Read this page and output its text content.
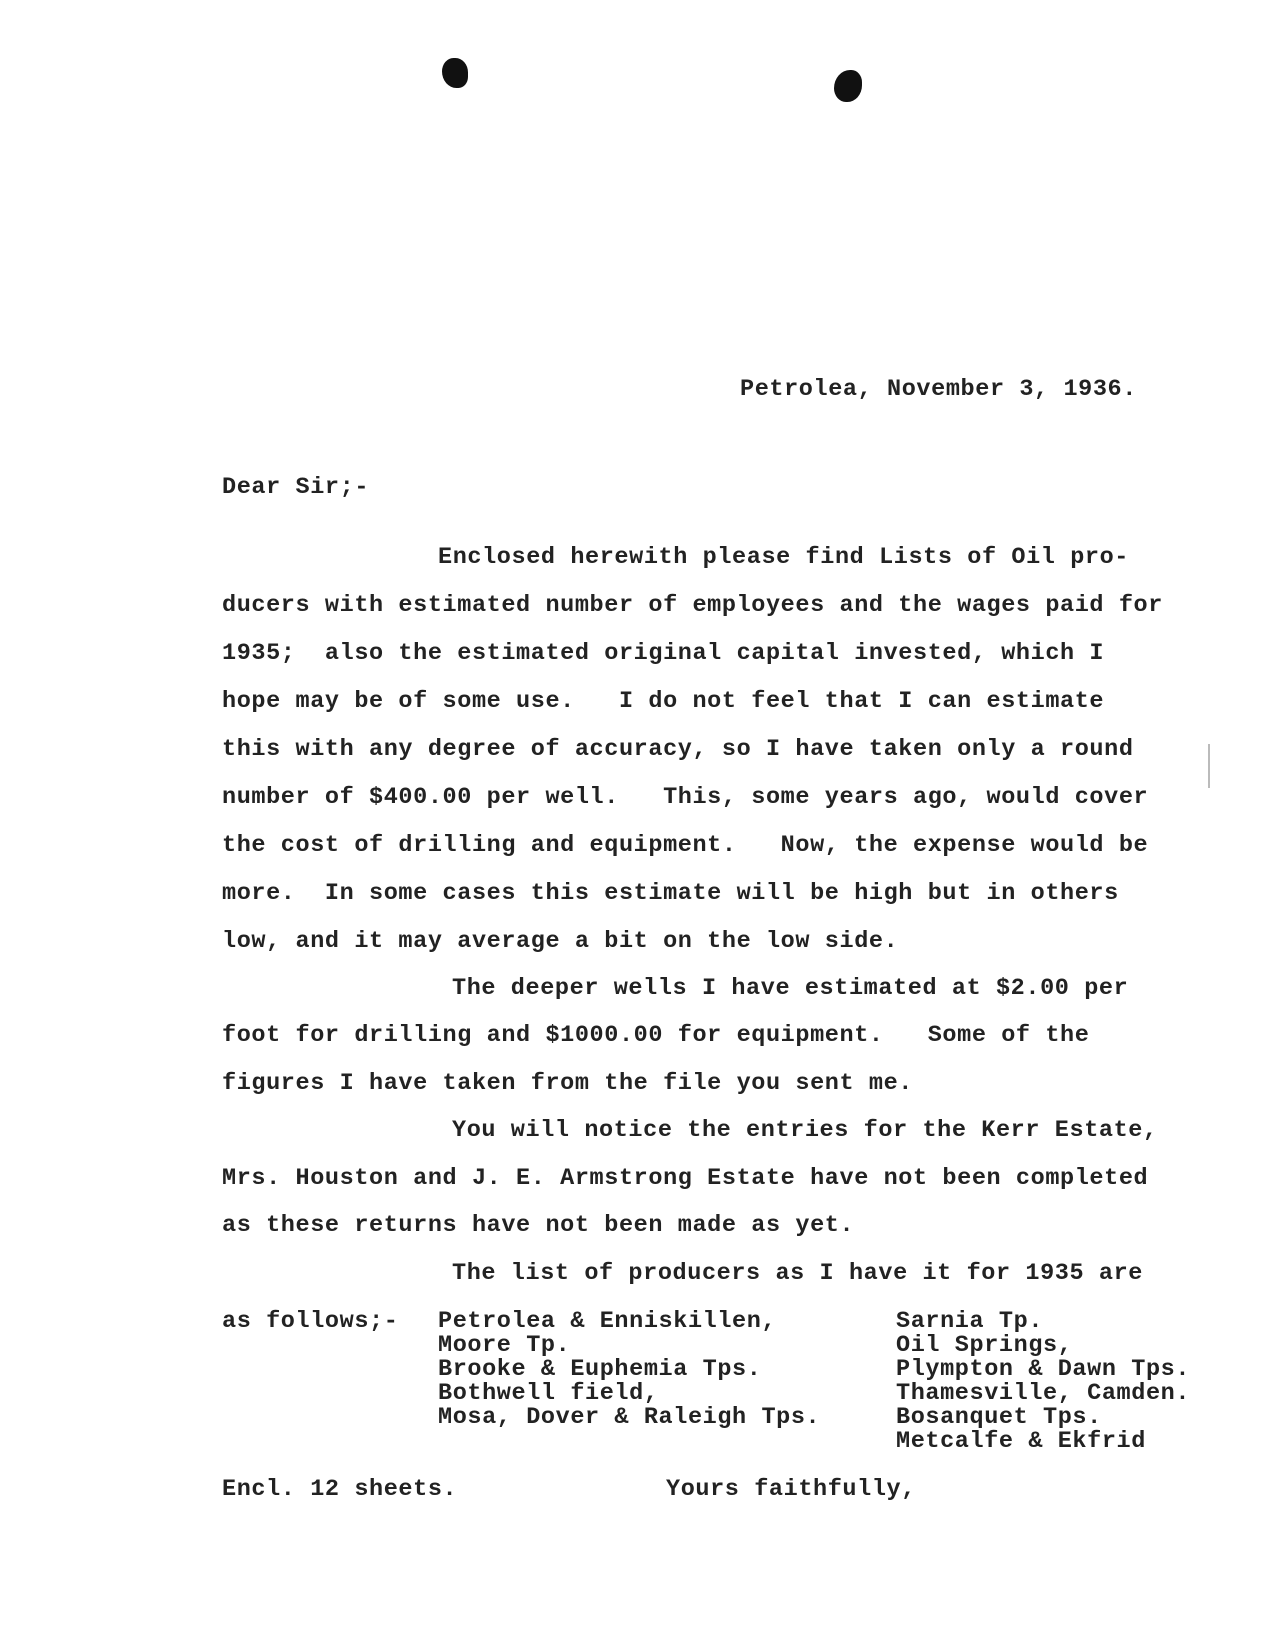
Petrolea, November 3, 1936.
Dear Sir;-
Enclosed herewith please find Lists of Oil pro-
ducers with estimated number of employees and the wages paid for
1935;  also the estimated original capital invested, which I
hope may be of some use.   I do not feel that I can estimate
this with any degree of accuracy, so I have taken only a round
number of $400.00 per well.   This, some years ago, would cover
the cost of drilling and equipment.   Now, the expense would be
more.  In some cases this estimate will be high but in others
low, and it may average a bit on the low side.
The deeper wells I have estimated at $2.00 per
foot for drilling and $1000.00 for equipment.   Some of the
figures I have taken from the file you sent me.
You will notice the entries for the Kerr Estate,
Mrs. Houston and J. E. Armstrong Estate have not been completed
as these returns have not been made as yet.
The list of producers as I have it for 1935 are
as follows;- Petrolea & Enniskillen,
Moore Tp.
Brooke & Euphemia Tps.
Bothwell field,
Mosa, Dover & Raleigh Tps.
Sarnia Tp.
Oil Springs,
Plympton & Dawn Tps.
Thamesville, Camden.
Bosanquet Tps.
Metcalfe & Ekfrid
Encl. 12 sheets.	Yours faithfully,
